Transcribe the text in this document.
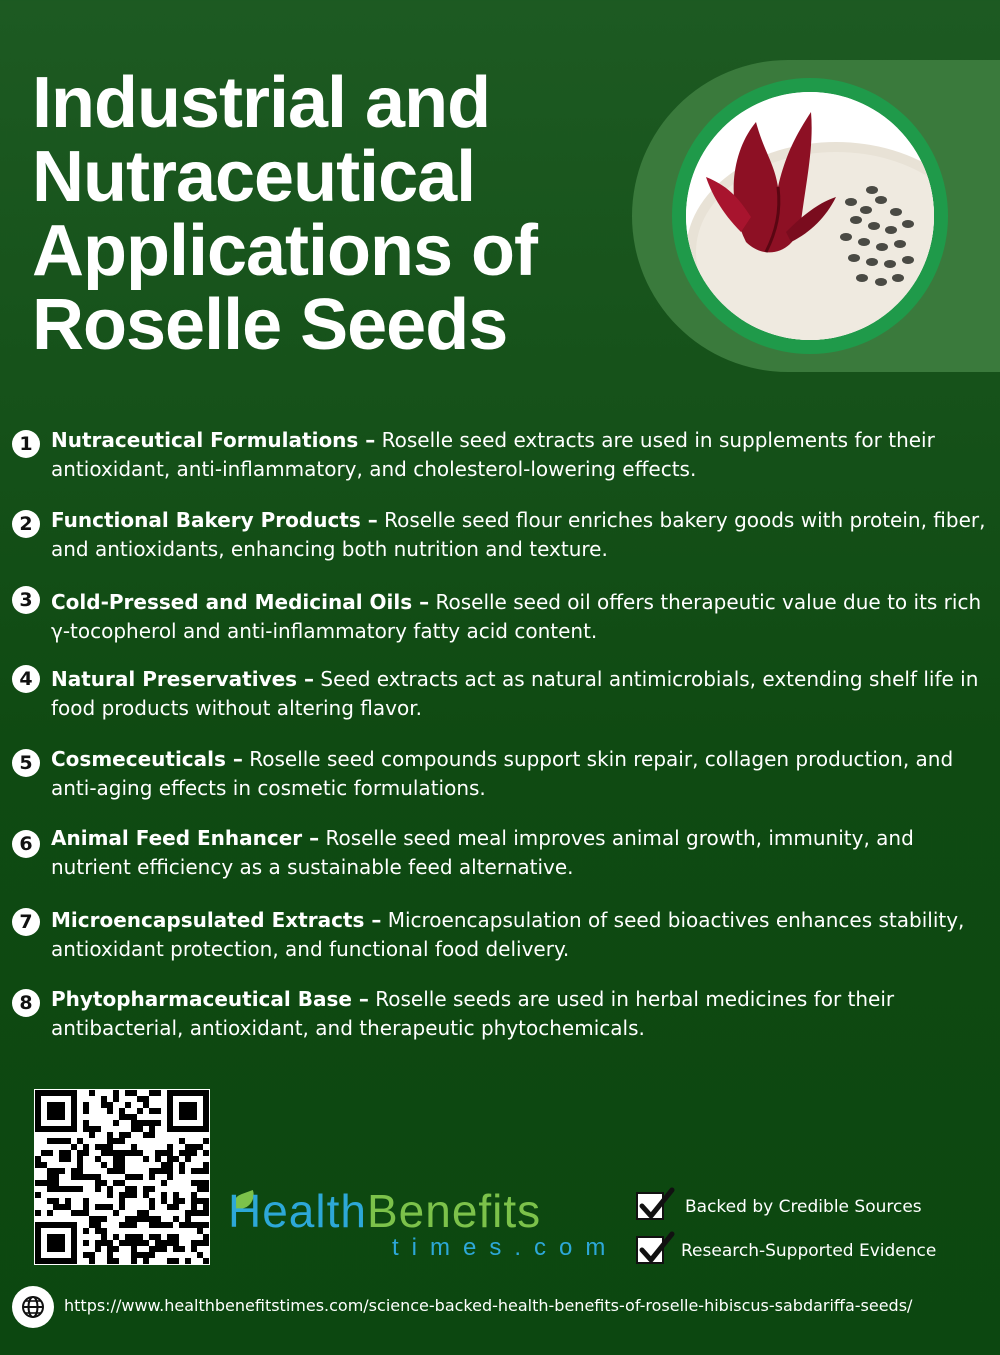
Industrial and
Nutraceutical
Applications of
Roselle Seeds
1 Nutraceutical Formulations – Roselle seed extracts are used in supplements for their antioxidant, anti-inflammatory, and cholesterol-lowering effects.
2 Functional Bakery Products – Roselle seed flour enriches bakery goods with protein, fiber, and antioxidants, enhancing both nutrition and texture.
3 Cold-Pressed and Medicinal Oils – Roselle seed oil offers therapeutic value due to its rich γ-tocopherol and anti-inflammatory fatty acid content.
4 Natural Preservatives – Seed extracts act as natural antimicrobials, extending shelf life in food products without altering flavor.
5 Cosmeceuticals – Roselle seed compounds support skin repair, collagen production, and anti-aging effects in cosmetic formulations.
6 Animal Feed Enhancer – Roselle seed meal improves animal growth, immunity, and nutrient efficiency as a sustainable feed alternative.
7 Microencapsulated Extracts – Microencapsulation of seed bioactives enhances stability, antioxidant protection, and functional food delivery.
8 Phytopharmaceutical Base – Roselle seeds are used in herbal medicines for their antibacterial, antioxidant, and therapeutic phytochemicals.
HealthBenefits
times.com
Backed by Credible Sources
Research-Supported Evidence
https://www.healthbenefitstimes.com/science-backed-health-benefits-of-roselle-hibiscus-sabdariffa-seeds/
